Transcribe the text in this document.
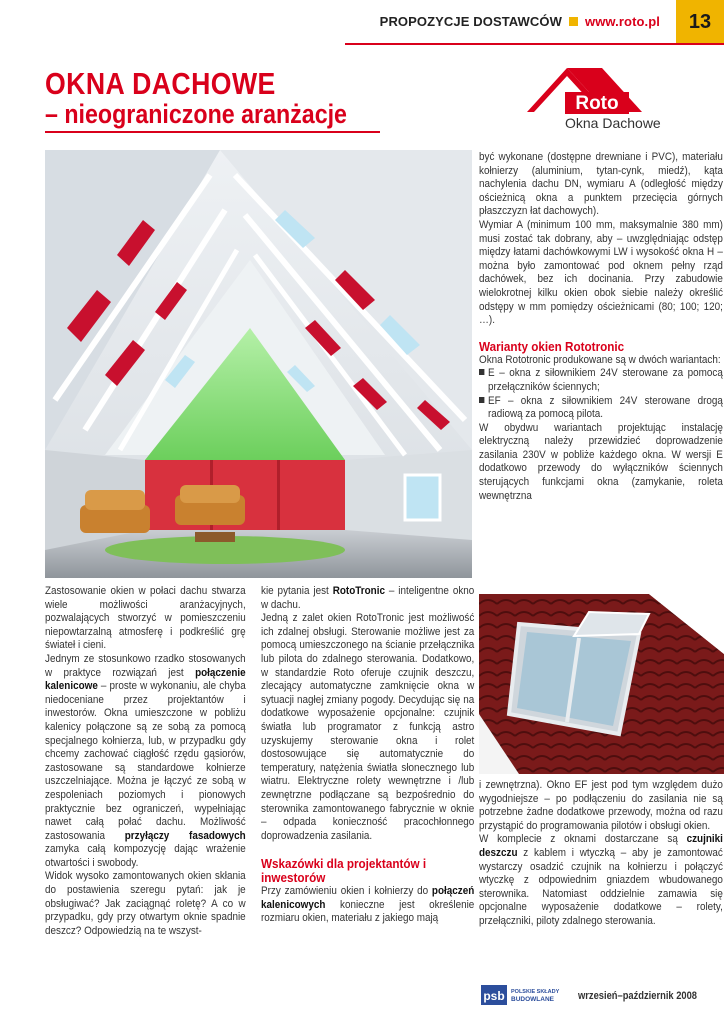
PROPOZYCJE DOSTAWCÓW www.roto.pl	13
OKNA DACHOWE
– nieograniczone aranżacje	Roto
Okna Dachowe

Zastosowanie okien w połaci dachu stwarza wiele możliwości aranżacyjnych, pozwalających stworzyć w pomieszczeniu niepowtarzalną atmosferę i podkreślić grę świateł i cieni.

Jednym ze stosunkowo rzadko stosowanych w praktyce rozwiązań jest połączenie kalenicowe – proste w wykonaniu, ale chyba niedoceniane przez projektantów i inwestorów. Okna umieszczone w pobliżu kalenicy połączone są ze sobą za pomocą specjalnego kołnierza, lub, w przypadku gdy chcemy zachować ciągłość rzędu gąsiorów, zastosowane są standardowe kołnierze uszczelniające. Można je łączyć ze sobą w zespoleniach poziomych i pionowych praktycznie bez ograniczeń, wypełniając nawet całą połać dachu. Możliwość zastosowania przyłączy fasadowych zamyka całą kompozycję dając wrażenie otwartości i swobody.

Widok wysoko zamontowanych okien skłania do postawienia szeregu pytań: jak je obsługiwać? Jak zaciągnąć roletę? A co w przypadku, gdy przy otwartym oknie spadnie deszcz? Odpowiedzią na te wszyst-

kie pytania jest RotoTronic – inteligentne okno w dachu.

Jedną z zalet okien RotoTronic jest możliwość ich zdalnej obsługi. Sterowanie możliwe jest za pomocą umieszczonego na ścianie przełącznika lub pilota do zdalnego sterowania. Dodatkowo, w standardzie Roto oferuje czujnik deszczu, zlecający automatyczne zamknięcie okna w sytuacji nagłej zmiany pogody. Decydując się na dodatkowe wyposażenie opcjonalne: czujnik światła lub programator z funkcją astro uzyskujemy sterowanie okna i rolet dostosowujące się automatycznie do temperatury, natężenia światła słonecznego lub wiatru. Elektryczne rolety wewnętrzne i /lub zewnętrzne podłączane są bezpośrednio do sterownika zamontowanego fabrycznie w oknie – odpada konieczność pracochłonnego doprowadzenia zasilania.

Wskazówki dla projektantów i inwestorów

Przy zamówieniu okien i kołnierzy do połączeń kalenicowych konieczne jest określenie rozmiaru okien, materiału z jakiego mają

być wykonane (dostępne drewniane i PVC), materiału kołnierzy (aluminium, tytan-cynk, miedź), kąta nachylenia dachu DN, wymiaru A (odległość między ościeżnicą okna a punktem przecięcia górnych płaszczyzn łat dachowych).

Wymiar A (minimum 100 mm, maksymalnie 380 mm) musi zostać tak dobrany, aby – uwzględniając odstęp między łatami dachówkowymi LW i wysokość okna H – można było zamontować pod oknem pełny rząd dachówek, bez ich docinania. Przy zabudowie wielokrotnej kilku okien obok siebie należy określić odstępy w mm pomiędzy ościeżnicami (80; 100; 120; …).

Warianty okien Rototronic

Okna Rototronic produkowane są w dwóch wariantach:

E – okna z siłownikiem 24V sterowane za pomocą przełączników ściennych;

EF – okna z siłownikiem 24V sterowane drogą radiową za pomocą pilota.

W obydwu wariantach projektując instalację elektryczną należy przewidzieć doprowadzenie zasilania 230V w pobliże każdego okna. W wersji E dodatkowo przewody do wyłączników ściennych sterujących funkcjami okna (zamykanie, roleta wewnętrzna

i zewnętrzna). Okno EF jest pod tym względem dużo wygodniejsze – po podłączeniu do zasilania nie są potrzebne żadne dodatkowe przewody, można od razu przystąpić do programowania pilotów i obsługi okien.

W komplecie z oknami dostarczane są czujniki deszczu z kablem i wtyczką – aby je zamontować wystarczy osadzić czujnik na kołnierzu i połączyć wtyczkę z odpowiednim gniazdem wbudowanego sterownika. Natomiast oddzielnie zamawia się opcjonalne wyposażenie dodatkowe – rolety, przełączniki, piloty zdalnego sterowania.

psb POLSKIE SKŁADY
BUDOWLANE wrzesień–październik 2008
